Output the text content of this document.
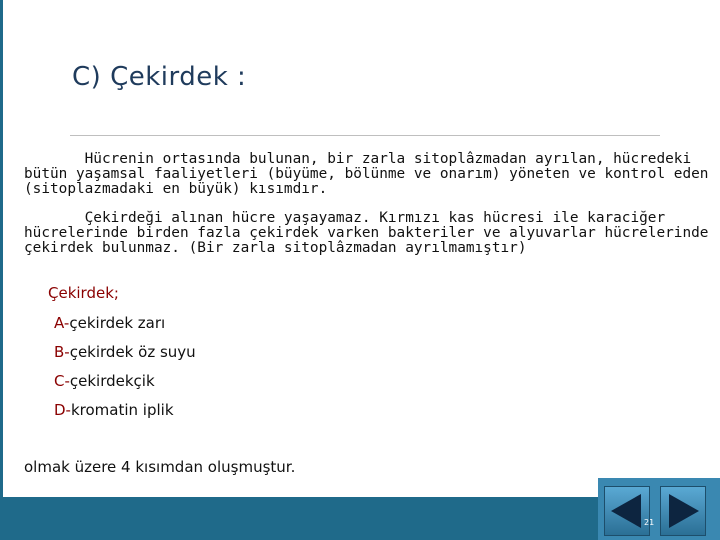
C) Çekirdek :
Hücrenin ortasında bulunan, bir zarla sitoplâzmadan ayrılan, hücredeki
bütün yaşamsal faaliyetleri (büyüme, bölünme ve onarım) yöneten ve kontrol eden
(sitoplazmadaki en büyük) kısımdır.
Çekirdeği alınan hücre yaşayamaz. Kırmızı kas hücresi ile karaciğer
hücrelerinde birden fazla çekirdek varken bakteriler ve alyuvarlar hücrelerinde
çekirdek bulunmaz. (Bir zarla sitoplâzmadan ayrılmamıştır)
Çekirdek;
A-çekirdek zarı
B-çekirdek öz suyu
C-çekirdekçik
D-kromatin iplik
olmak üzere 4 kısımdan oluşmuştur.
21
